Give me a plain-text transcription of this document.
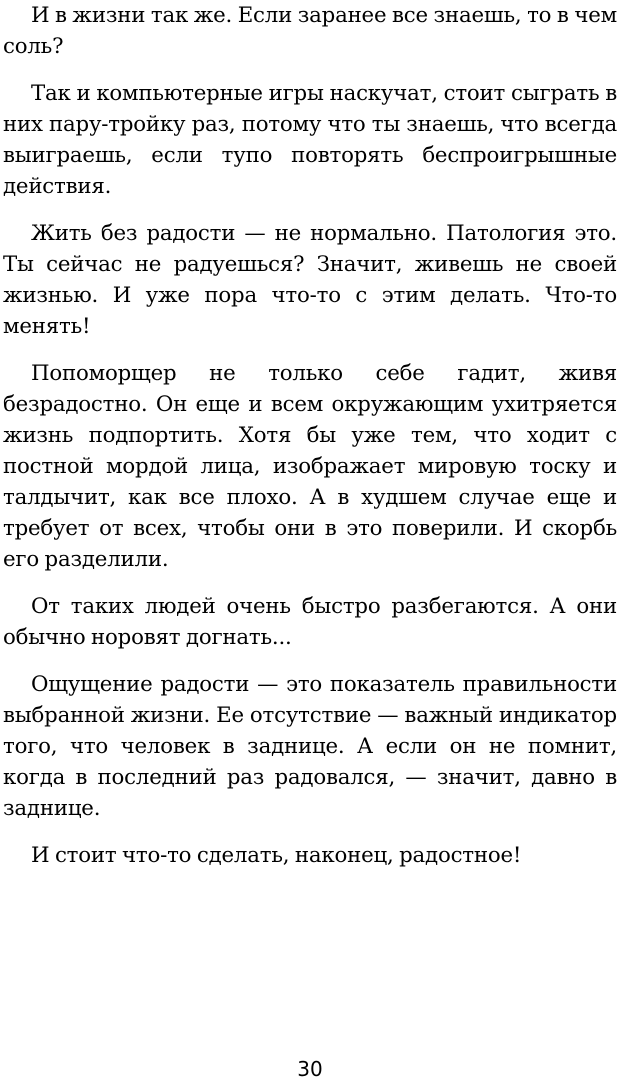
И в жизни так же. Если заранее все знаешь, то в чем соль?

Так и компьютерные игры наскучат, стоит сыграть в них пару-тройку раз, потому что ты знаешь, что всегда выиграешь, если тупо повторять беспроигрышные действия.

Жить без радости — не нормально. Патология это. Ты сейчас не радуешься? Значит, живешь не своей жизнью. И уже пора что-то с этим делать. Что-то менять!

Попоморщер не только себе гадит, живя безрадостно. Он еще и всем окружающим ухитряется жизнь подпортить. Хотя бы уже тем, что ходит с постной мордой лица, изображает мировую тоску и талдычит, как все плохо. А в худшем случае еще и требует от всех, чтобы они в это поверили. И скорбь его разделили.

От таких людей очень быстро разбегаются. А они обычно норовят догнать...

Ощущение радости — это показатель правильности выбранной жизни. Ее отсутствие — важный индикатор того, что человек в заднице. А если он не помнит, когда в последний раз радовался, — значит, давно в заднице.

И стоит что-то сделать, наконец, радостное!

30
